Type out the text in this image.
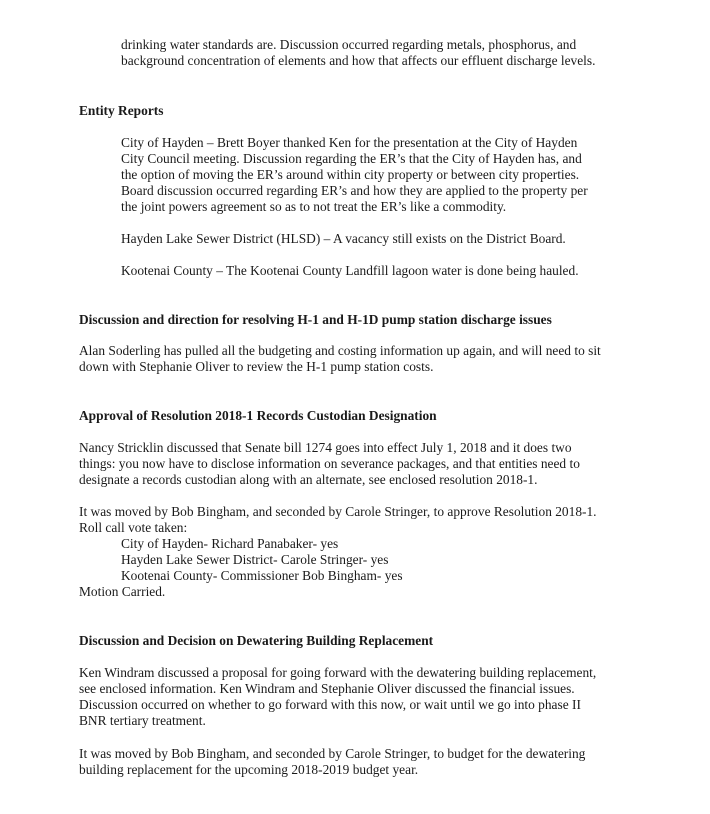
drinking water standards are. Discussion occurred regarding metals, phosphorus, and
background concentration of elements and how that affects our effluent discharge levels.

Entity Reports

City of Hayden – Brett Boyer thanked Ken for the presentation at the City of Hayden
City Council meeting. Discussion regarding the ER’s that the City of Hayden has, and
the option of moving the ER’s around within city property or between city properties.
Board discussion occurred regarding ER’s and how they are applied to the property per
the joint powers agreement so as to not treat the ER’s like a commodity.
Hayden Lake Sewer District (HLSD) – A vacancy still exists on the District Board.
Kootenai County – The Kootenai County Landfill lagoon water is done being hauled.

Discussion and direction for resolving H-1 and H-1D pump station discharge issues

Alan Soderling has pulled all the budgeting and costing information up again, and will need to sit
down with Stephanie Oliver to review the H-1 pump station costs.

Approval of Resolution 2018-1 Records Custodian Designation

Nancy Stricklin discussed that Senate bill 1274 goes into effect July 1, 2018 and it does two
things: you now have to disclose information on severance packages, and that entities need to
designate a records custodian along with an alternate, see enclosed resolution 2018-1.
It was moved by Bob Bingham, and seconded by Carole Stringer, to approve Resolution 2018-1.
Roll call vote taken:
City of Hayden- Richard Panabaker- yes
Hayden Lake Sewer District- Carole Stringer- yes
Kootenai County- Commissioner Bob Bingham- yes
Motion Carried.

Discussion and Decision on Dewatering Building Replacement

Ken Windram discussed a proposal for going forward with the dewatering building replacement,
see enclosed information. Ken Windram and Stephanie Oliver discussed the financial issues.
Discussion occurred on whether to go forward with this now, or wait until we go into phase II
BNR tertiary treatment.
It was moved by Bob Bingham, and seconded by Carole Stringer, to budget for the dewatering
building replacement for the upcoming 2018-2019 budget year.
